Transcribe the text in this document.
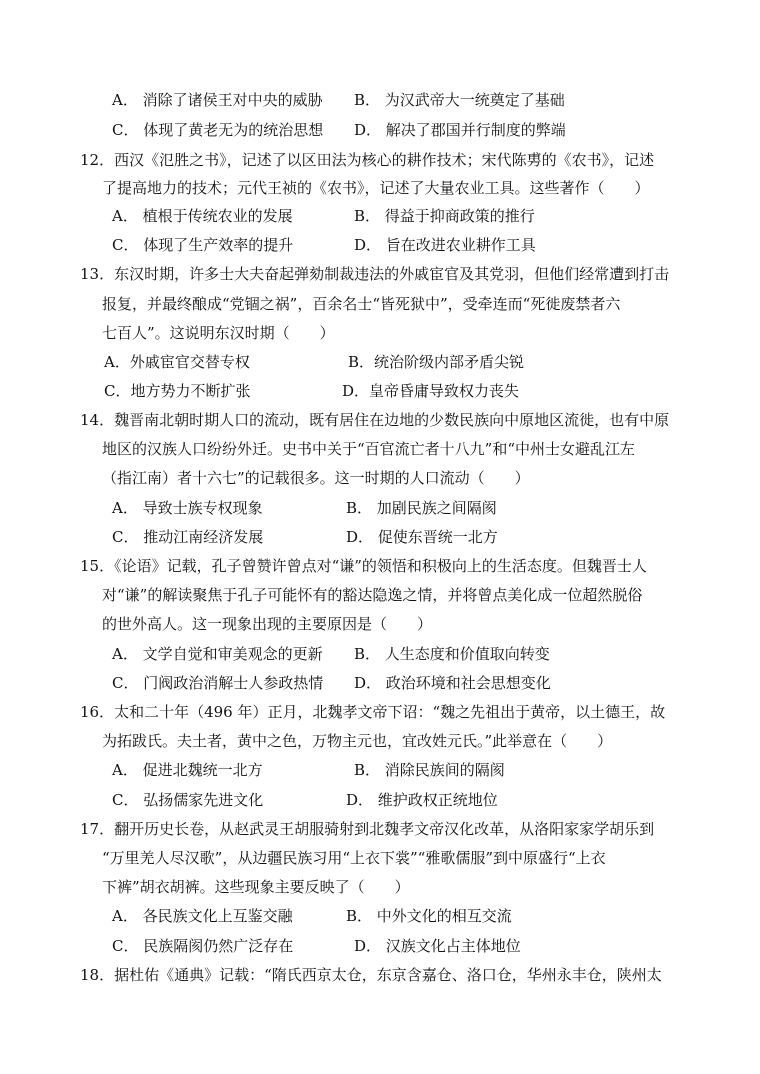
A． 消除了诸侯王对中央的威胁 B． 为汉武帝大一统奠定了基础
C． 体现了黄老无为的统治思想 D． 解决了郡国并行制度的弊端
12．西汉《氾胜之书》，记述了以区田法为核心的耕作技术；宋代陈旉的《农书》，记述
了提高地力的技术；元代王祯的《农书》，记述了大量农业工具。这些著作（　　）
A． 植根于传统农业的发展	B． 得益于抑商政策的推行
C． 体现了生产效率的提升	D． 旨在改进农业耕作工具
13．东汉时期，许多士大夫奋起弹劾制裁违法的外戚宦官及其党羽，但他们经常遭到打击
报复，并最终酿成“党锢之祸”，百余名士“皆死狱中”，受牵连而“死徙废禁者六
七百人”。这说明东汉时期（　　）
A．外戚宦官交替专权	B．统治阶级内部矛盾尖锐
C．地方势力不断扩张	D．皇帝昏庸导致权力丧失
14．魏晋南北朝时期人口的流动，既有居住在边地的少数民族向中原地区流徙，也有中原
地区的汉族人口纷纷外迁。史书中关于“百官流亡者十八九”和“中州士女避乱江左
（指江南）者十六七”的记载很多。这一时期的人口流动（　　）
A． 导致士族专权现象	B． 加剧民族之间隔阂
C． 推动江南经济发展	D． 促使东晋统一北方
15．《论语》记载，孔子曾赞许曾点对“谦”的领悟和积极向上的生活态度。但魏晋士人
对“谦”的解读聚焦于孔子可能怀有的豁达隐逸之情，并将曾点美化成一位超然脱俗
的世外高人。这一现象出现的主要原因是（　　）
A． 文学自觉和审美观念的更新 B． 人生态度和价值取向转变
C． 门阀政治消解士人参政热情 D． 政治环境和社会思想变化
16．太和二十年（496 年）正月，北魏孝文帝下诏：“魏之先祖出于黄帝，以土德王，故
为拓跋氏。夫土者，黄中之色，万物主元也，宜改姓元氏。”此举意在（　　）
A． 促进北魏统一北方	B． 消除民族间的隔阂
C． 弘扬儒家先进文化	D． 维护政权正统地位
17．翻开历史长卷，从赵武灵王胡服骑射到北魏孝文帝汉化改革，从洛阳家家学胡乐到
“万里羌人尽汉歌”，从边疆民族习用“上衣下裳”“雅歌儒服”到中原盛行“上衣
下裤”胡衣胡裤。这些现象主要反映了（　　）
A． 各民族文化上互鉴交融	B． 中外文化的相互交流
C． 民族隔阂仍然广泛存在	D． 汉族文化占主体地位
18．据杜佑《通典》记载：“隋氏西京太仓，东京含嘉仓、洛口仓，华州永丰仓，陕州太
